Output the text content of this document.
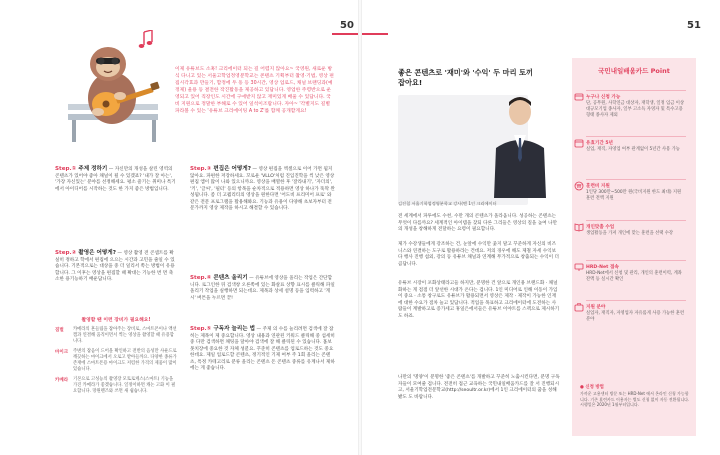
50
이제 유튜브도 소혹! 크리에이터 되는 길 어렵지 않아요~ 국영원, 새로운 방식 다니고 있는 서울고학업정영분학교는 콘텐츠 기획부터 촬영·기법, 영상 편집시각효과 만들기, 합정에 두 동 등 30시간, 영상 업로드, 채널 브랜딩과(예정제) 울용 등 결전한 작진활동을 제공하고 있답니다. 영업한 주령반으로 운영되고 있어 직장인도 시간에 구애받지 않고 재미있게 배울 수 있답니다. 국비 지원으로 정말한 부해로 수 있어 일석이조랍니다. 자아~ '각별지도 길별 파라볼 수 있는 '유튜브 크리에이팅 A to Z'를 함께 공개할게요!
Step.① 주제 정하기 — 자신만의 개성을 살린 영역의 콘텐츠가 있어야 좋아 채널이 될 수 있겠죠? '내가 잘 아는', '가장 자신있는' 분야를 선정해세요. 평소 즐기는 취미나 특기에서 아이디어를 시작하는 것도 한 가지 좋은 방법입니다.
Step.② 촬영은 어떻게? — 영상 촬영 전 콘셉트를 확실히 정하고 학에서 편집에 으으는 시간과 고민을 줄일 수 있습니다. 기본적으로는 대상을 중 더 일리서 쪽는 방법이 유용합니다. 그 이후는 영상을 편집할 때 확대는 기능한 번 면 축소한 용기능하기 배운답니다.
촬영할 땐 이런 장비가 필요해요!
짐벌	카메라의 흔들림을 잡아주는 장비로, 스마트폰이나 액션캠과 연결해 움직이면서 찍는 영상을 촬영할 때 유용합니다.
마이크	주변의 잡음이 드어올 확인하고 전반의 음성만 사운드로 깨끗하는 마이크에서 오로고 받아들까요. 다양한 종류가 존재에 스마트폰용 마이크도 저렴한 가격의 제품이 많이 있습니다.
카메라	기본으로 고성능의 촬영장 모토로케스(스마트) 기능을 가진 카메라가 좋겠습니다. 일정이하면 캐논 고화 이 필요합니다. 망원렌즈와 쓰면 새 쉽습니다.
Step.③ 편집은 어떻게? — 영상 편집을 엑셀으로 이어 가면 됩지 않아요. 파편한 저장하세요. 꼬로운 'VLLO'처럼 진입진학을 씩 낮은 영상편집 앱이 많이 나와 있으니까요. 영상을 배열한 후 '잘라내기', '자더의', '키', '글씨', '필터' 등의 항목을 순차적으로 적용하면 영상 하나가 뚝딱 완성됩니다. 좀 더 고퀄리티의 영상을 원한다면 '어도비 프리미어 프로' 와 같은 전문 프로그램을 활용해봐요. 기능과 유용이 다양해 초보자부터 전문가까지 영상 제작을 하시고 해결할 수 있습니다.
Step.④ 콘텐츠 올리기 — 유튜브에 영상을 올리는 작업은 간단합니다. 로그인한 뒤 검색창 오른쪽에 있는 화살표 상향 표시를 클릭해 파일 올리기 작업을 실행하면 되는데요. 제목과 상세 설명 등을 입력하고 '게시' 버튼을 누르면 끝!
Step.⑤ 구독자 늘리는 법 — 주제 의 수를 늘리려면 검색에 잘 잡히는 제목이 제 중요합니다. 영상 내용과 연관된 키워드 클릭해 중 섬세히 중 다만 검색하면 채팅을 달아야 검색에 잘 해 클릭된 수 있습니다. 홈보 못치장에 중요한 것 자체 성뷴요. 꾸준히 콘텐츠를 업로드하는 것도 중요한데요. 제일 업로드할 콘텐츠, 정기적인 기제 여부 주 1회 올리는 콘텐츠, 특정 카테고리로 분류 올리는 콘텐츠 돈 콘텐츠 중류를 유계나서 제하에는 게 좋습니다.
51
좋은 콘텐츠로 '재미'와 '수익' 두 마리 토끼 잡아요!
김진철 서울기학업정영분학교 강사(맨 1인 크리에이터
전 세계에서 파투에도 수천, 수만 개의 콘텐츠가 올라옵니다. 성공하는 콘텐츠는 무엇이 다를까요? 세계적인 아이템을 찾되 다른 그리들은 영상의 질을 높여 나만의 개성을 창해하게 전달하는 요령이 필요합니다.
제가 수강생들에게 강조하는 건, 눈앞에 수익만 좇지 말고 꾸준하게 자신의 비즈니스와 연결하는 도구로 활용하라는 건데요. 저의 경우에 해도 제철 자세 수익보다 행사 진행 섭외, 강의 등 유튜브 채널과 연계해 무가적으로 창출되는 수익이 더 큽답니다.
유튜브 시장이 포화상태라고들 하지만, 분명한 건 앞으로 개인용 브랜드화 · 채널화하는 게 점점 더 앞선한 시대가 온다는 겁니다. 1인 미디어로 인해 이동이 가입이 중요 · 소통 창구로도 유튜브가 활용되면서 영상은 제작 · 제작이 가능한 인재에 대한 수요가 점차 늘고 있답니다. 적업을 목표하고 크리에이터에 도전하는 사람들이 계발하고로 증가세고 휴일은에서들은 유튜브 이야트를 스펙으로 제시하기도 하죠.
나만의 '명양'이 분명한 '좋은 콘텐츠'를 개발하고 꾸준히 노출시킨다면, 분명 구독자들이 모여줄 겁니다. 전전히 접근 교육하는 국민내일배움카드를 잘 서 진행되시고, 서울기학업전문학교(http://seoultr.or.kr)에서 1인 크리에이터의 꿈을 성해봤도 도 바랍니다.
국민내일배움카드 Point
누구나 신청 가능
단, 공무원, 사학연금 대상자, 재학생, 일정 임금 이상 대규모기업 종사자, 일부 고소득 자영자 및 특수고용형태 종사자 제외
유효기간 5년
실업, 재직, 자영업 여부 관계없이 5년간 사용 가능
₩ 훈련비 지원
1인당 300만~500만 원(국비지원 한도 최대) 지원 훈련 전액 지원
개인맞춤 수업
생업활동을 가져 개인에 맞는 훈련을 선택 수강
HRD-Net 접속
HRD-Net에서 신청 및 관리, 개인의 훈련이력, 계좌잔액 등 실시간 확인
지원 분야
실업자, 재직자, 자영업자 자유롭게 사용 가능한 훈련 분야
● 신청 방법
가까운 고용센터 방문 또는 HRD-Net 에서 온라인 신청 가능합니다. 기존 훈련카드 이용자는 별도 신청 없이 자동 전환됩니다. 시행일은 2020년 1월부터입니다.
